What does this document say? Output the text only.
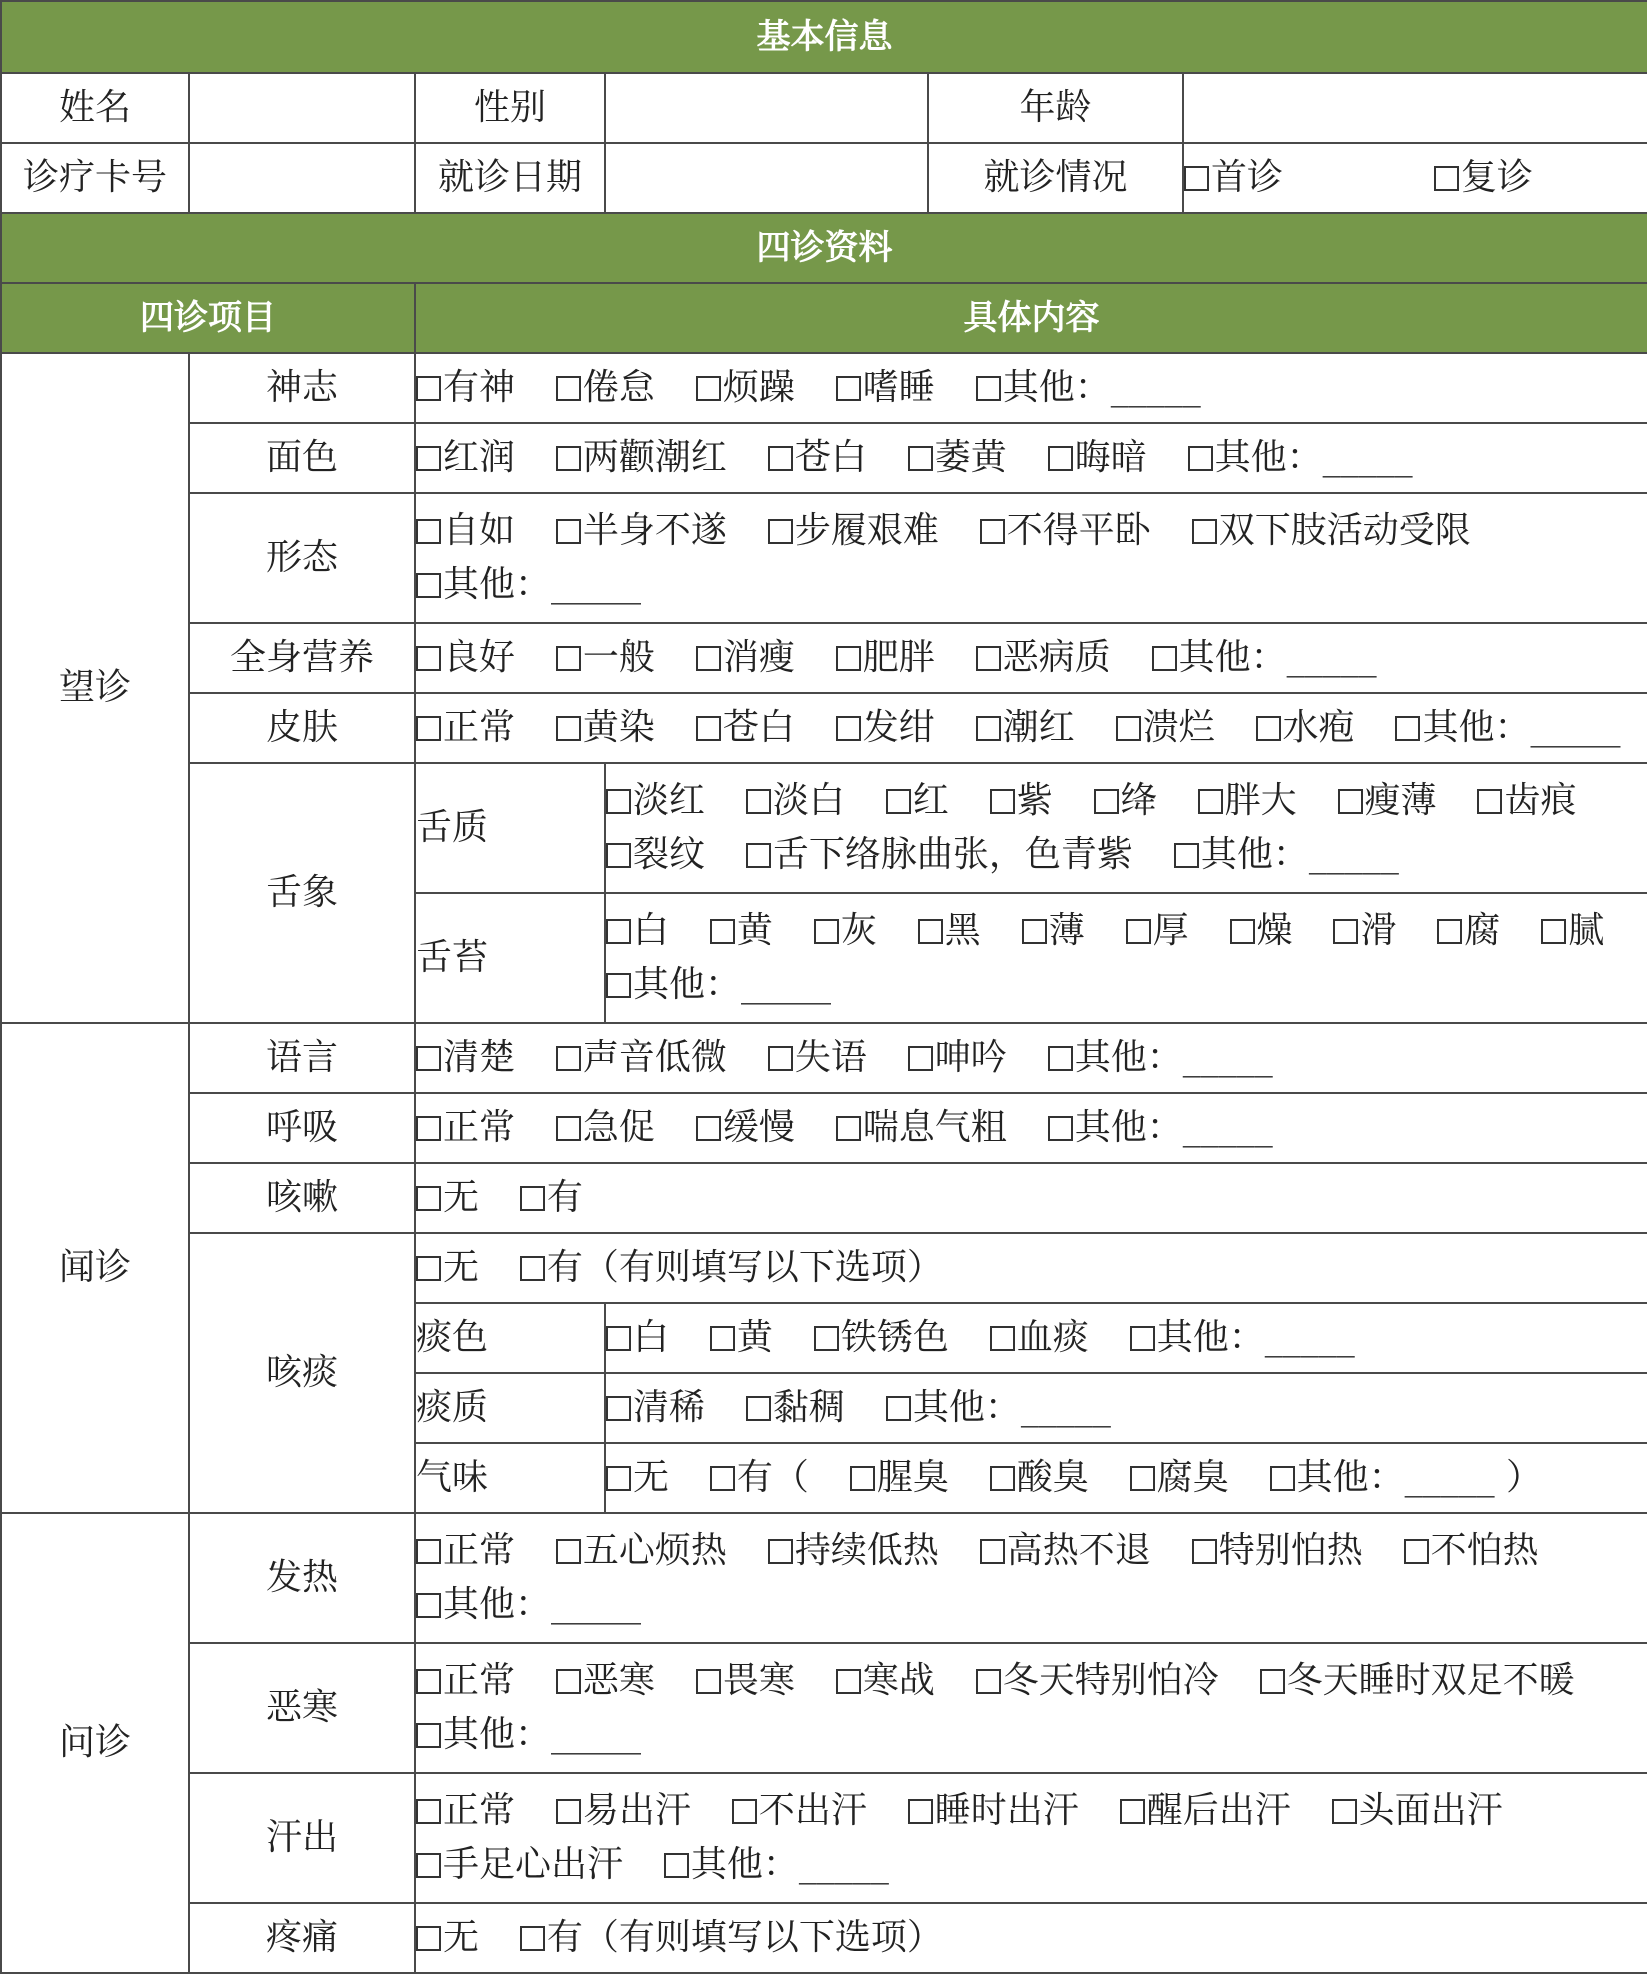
基本信息					
姓名		性别		年龄	
诊疗卡号		就诊日期		就诊情况	首诊 复诊
四诊资料					
四诊项目		具体内容			
望诊	神志	有神 倦怠 烦躁 嗜睡 其他：_____			
	面色	红润 两颧潮红 苍白 萎黄 晦暗 其他：_____			
	形态	自如 半身不遂 步履艰难 不得平卧 双下肢活动受限  其他：_____			
	全身营养	良好 一般 消瘦 肥胖 恶病质 其他：_____			
	皮肤	正常 黄染 苍白 发绀 潮红 溃烂 水疱 其他：_____			
	舌象	舌质	淡红 淡白 红 紫 绛 胖大 瘦薄 齿痕  裂纹 舌下络脉曲张，色青紫 其他：_____		
		舌苔	白 黄 灰 黑 薄 厚 燥 滑 腐 腻  其他：_____		
闻诊	语言	清楚 声音低微 失语 呻吟 其他：_____			
	呼吸	正常 急促 缓慢 喘息气粗 其他：_____			
	咳嗽	无 有			
	咳痰	无 有（有则填写以下选项）			
		痰色	白 黄 铁锈色 血痰 其他：_____		
		痰质	清稀 黏稠 其他：_____		
		气味	无 有（ 腥臭 酸臭 腐臭 其他：_____ ）		
问诊	发热	正常 五心烦热 持续低热 高热不退 特别怕热 不怕热  其他：_____			
	恶寒	正常 恶寒 畏寒 寒战 冬天特别怕冷 冬天睡时双足不暖  其他：_____			
	汗出	正常 易出汗 不出汗 睡时出汗 醒后出汗 头面出汗  手足心出汗 其他：_____			
	疼痛	无 有（有则填写以下选项）			
